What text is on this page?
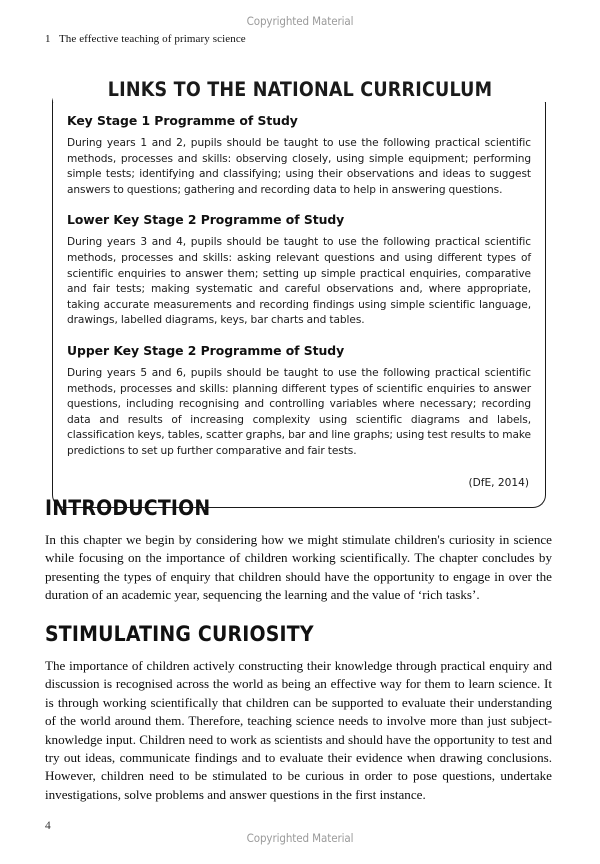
Copyrighted Material
1   The effective teaching of primary science
LINKS TO THE NATIONAL CURRICULUM
Key Stage 1 Programme of Study

During years 1 and 2, pupils should be taught to use the following practical scientific methods, processes and skills: observing closely, using simple equipment; performing simple tests; identifying and classifying; using their observations and ideas to suggest answers to questions; gathering and recording data to help in answering questions.

Lower Key Stage 2 Programme of Study

During years 3 and 4, pupils should be taught to use the following practical scientific methods, processes and skills: asking relevant questions and using different types of scientific enquiries to answer them; setting up simple practical enquiries, comparative and fair tests; making systematic and careful observations and, where appropriate, taking accurate measurements and recording findings using simple scientific language, drawings, labelled diagrams, keys, bar charts and tables.

Upper Key Stage 2 Programme of Study

During years 5 and 6, pupils should be taught to use the following practical scientific methods, processes and skills: planning different types of scientific enquiries to answer questions, including recognising and controlling variables where necessary; recording data and results of increasing complexity using scientific diagrams and labels, classification keys, tables, scatter graphs, bar and line graphs; using test results to make predictions to set up further comparative and fair tests.

(DfE, 2014)
INTRODUCTION

In this chapter we begin by considering how we might stimulate children's curiosity in science while focusing on the importance of children working scientifically. The chapter concludes by presenting the types of enquiry that children should have the opportunity to engage in over the duration of an academic year, sequencing the learning and the value of ‘rich tasks’.

STIMULATING CURIOSITY

The importance of children actively constructing their knowledge through practical enquiry and discussion is recognised across the world as being an effective way for them to learn science. It is through working scientifically that children can be supported to evaluate their understanding of the world around them. Therefore, teaching science needs to involve more than just subject-knowledge input. Children need to work as scientists and should have the opportunity to test and try out ideas, communicate findings and to evaluate their evidence when drawing conclusions. However, children need to be stimulated to be curious in order to pose questions, undertake investigations, solve problems and answer questions in the first instance.

4
Copyrighted Material
